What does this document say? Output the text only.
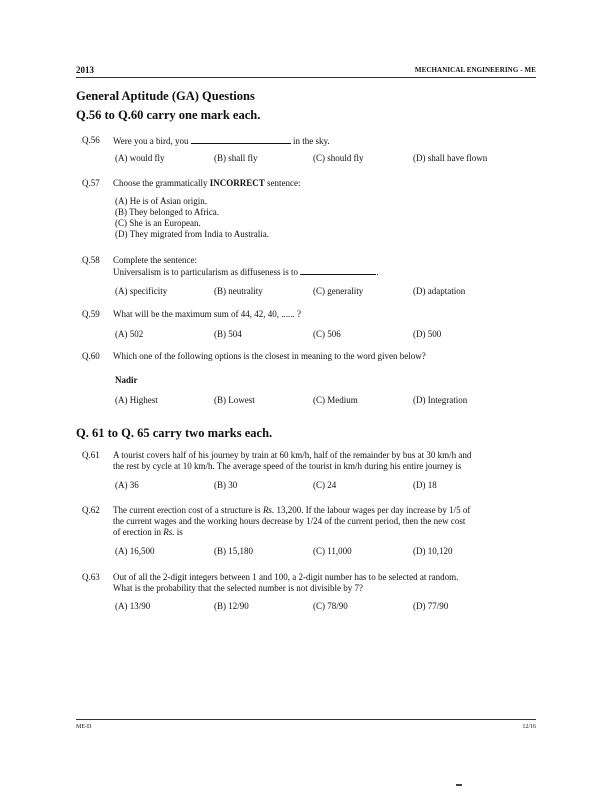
2013	MECHANICAL ENGINEERING - ME
General Aptitude (GA) Questions
Q.56 to Q.60 carry one mark each.
Q.56 Were you a bird, you	in the sky.
(A) would fly	(B) shall fly	(C) should fly	(D) shall have flown
Q.57 Choose the grammatically INCORRECT sentence:
(A) He is of Asian origin.
(B) They belonged to Africa.
(C) She is an European.
(D) They migrated from India to Australia.
Q.58 Complete the sentence:
Universalism is to particularism as diffuseness is to	.
(A) specificity	(B) neutrality	(C) generality	(D) adaptation
Q.59 What will be the maximum sum of 44, 42, 40, ...... ?
(A) 502	(B) 504	(C) 506	(D) 500
Q.60 Which one of the following options is the closest in meaning to the word given below?
Nadir
(A) Highest	(B) Lowest	(C) Medium	(D) Integration
Q. 61 to Q. 65 carry two marks each.
Q.61 A tourist covers half of his journey by train at 60 km/h, half of the remainder by bus at 30 km/h and
the rest by cycle at 10 km/h. The average speed of the tourist in km/h during his entire journey is
(A) 36	(B) 30	(C) 24	(D) 18
Q.62 The current erection cost of a structure is Rs. 13,200. If the labour wages per day increase by 1/5 of
the current wages and the working hours decrease by 1/24 of the current period, then the new cost
of erection in Rs. is
(A) 16,500	(B) 15,180	(C) 11,000	(D) 10,120
Q.63 Out of all the 2-digit integers between 1 and 100, a 2-digit number has to be selected at random.
What is the probability that the selected number is not divisible by 7?
(A) 13/90	(B) 12/90	(C) 78/90	(D) 77/90
ME-D	12/16
